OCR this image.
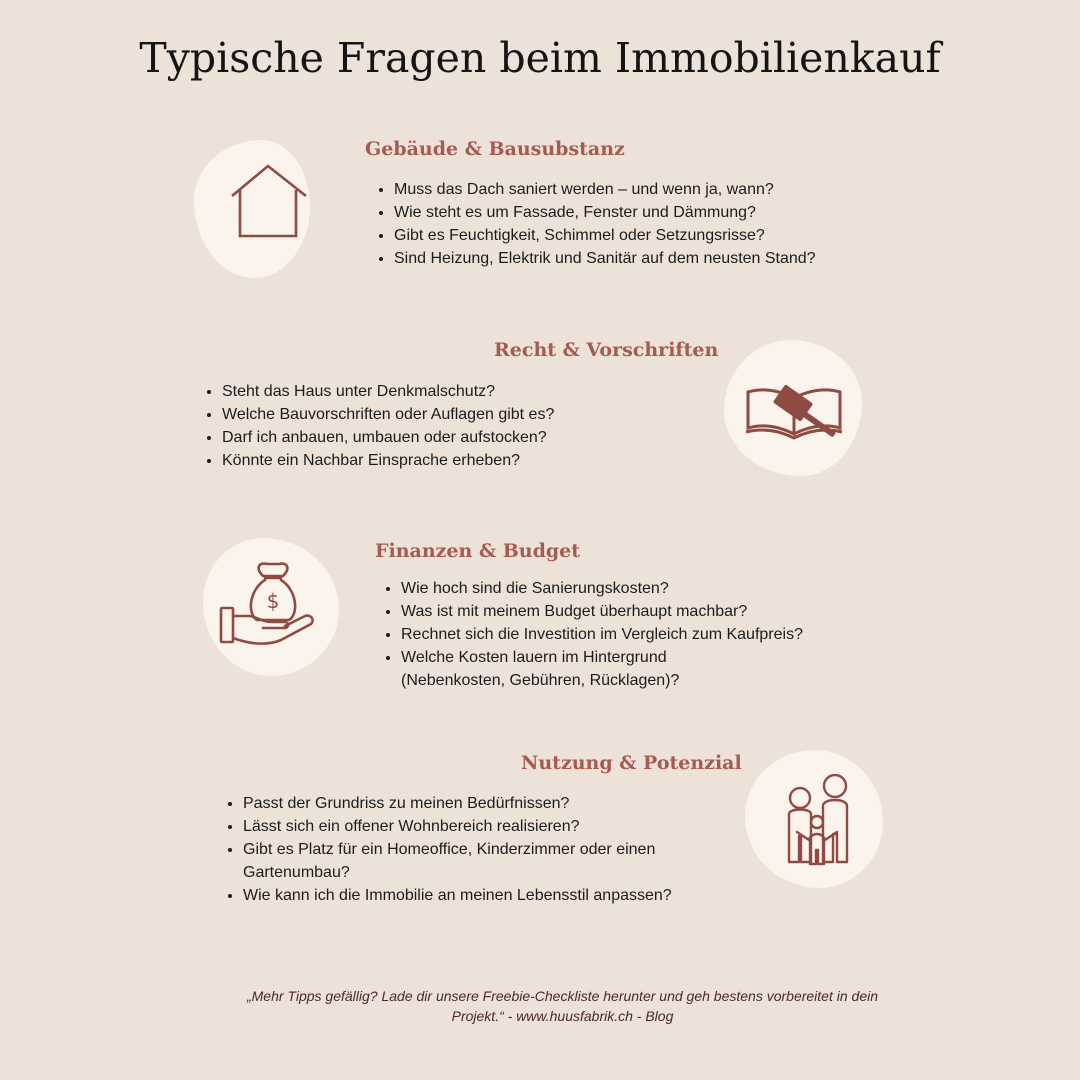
Typische Fragen beim Immobilienkauf
Gebäude & Bausubstanz
• Muss das Dach saniert werden – und wenn ja, wann?
• Wie steht es um Fassade, Fenster und Dämmung?
• Gibt es Feuchtigkeit, Schimmel oder Setzungsrisse?
• Sind Heizung, Elektrik und Sanitär auf dem neusten Stand?
Recht & Vorschriften
• Steht das Haus unter Denkmalschutz?
• Welche Bauvorschriften oder Auflagen gibt es?
• Darf ich anbauen, umbauen oder aufstocken?
• Könnte ein Nachbar Einsprache erheben?
$
Finanzen & Budget
• Wie hoch sind die Sanierungskosten?
• Was ist mit meinem Budget überhaupt machbar?
• Rechnet sich die Investition im Vergleich zum Kaufpreis?
• Welche Kosten lauern im Hintergrund (Nebenkosten, Gebühren, Rücklagen)?
Nutzung & Potenzial
• Passt der Grundriss zu meinen Bedürfnissen?
• Lässt sich ein offener Wohnbereich realisieren?
• Gibt es Platz für ein Homeoffice, Kinderzimmer oder einen Gartenumbau?
• Wie kann ich die Immobilie an meinen Lebensstil anpassen?

„Mehr Tipps gefällig? Lade dir unsere Freebie-Checkliste herunter und geh bestens vorbereitet in dein Projekt.“ - www.huusfabrik.ch - Blog
